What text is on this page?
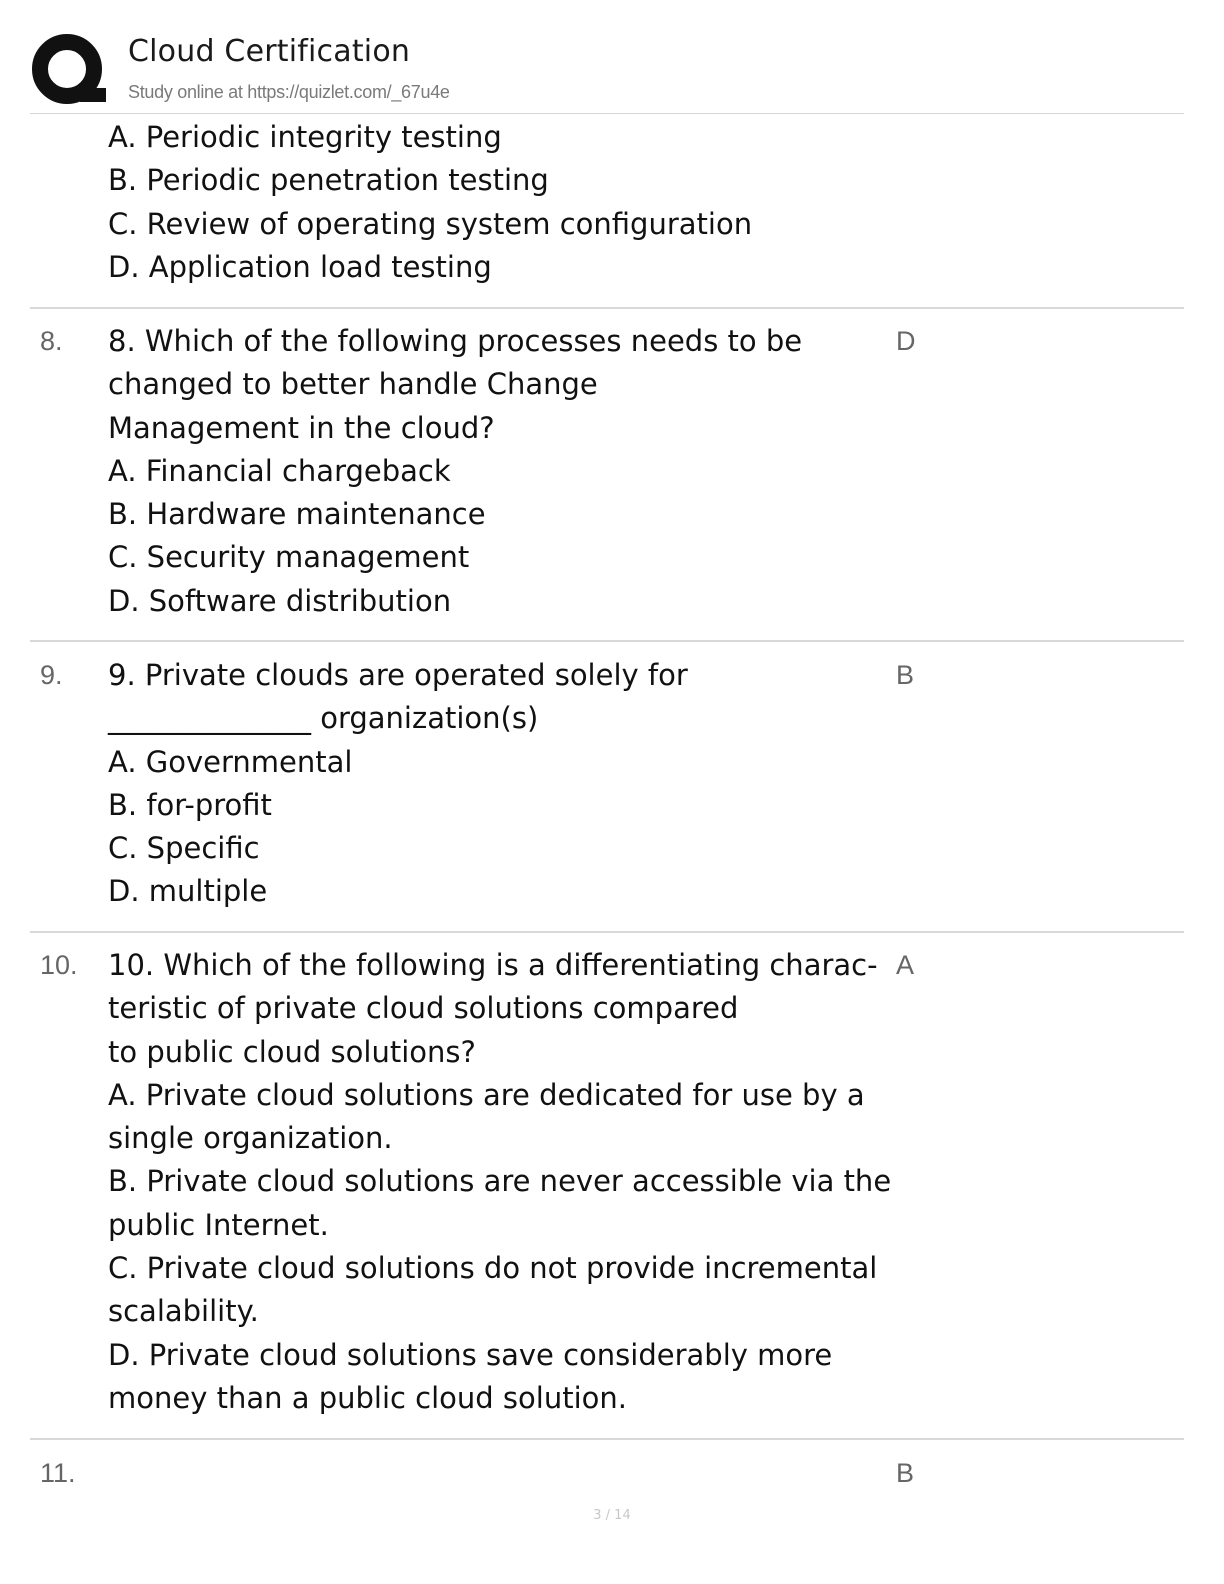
Cloud Certification
Study online at https://quizlet.com/_67u4e
A. Periodic integrity testing
B. Periodic penetration testing
C. Review of operating system configuration
D. Application load testing
8. 8. Which of the following processes needs to be
changed to better handle Change
Management in the cloud?
A. Financial chargeback
B. Hardware maintenance
C. Security management
D. Software distribution
D
9. 9. Private clouds are operated solely for
______________ organization(s)
A. Governmental
B. for-profit
C. Specific
D. multiple
B
10. 10. Which of the following is a differentiating charac-
teristic of private cloud solutions compared
to public cloud solutions?
A. Private cloud solutions are dedicated for use by a
single organization.
B. Private cloud solutions are never accessible via the
public Internet.
C. Private cloud solutions do not provide incremental
scalability.
D. Private cloud solutions save considerably more
money than a public cloud solution.
A
11.	B
3 / 14
